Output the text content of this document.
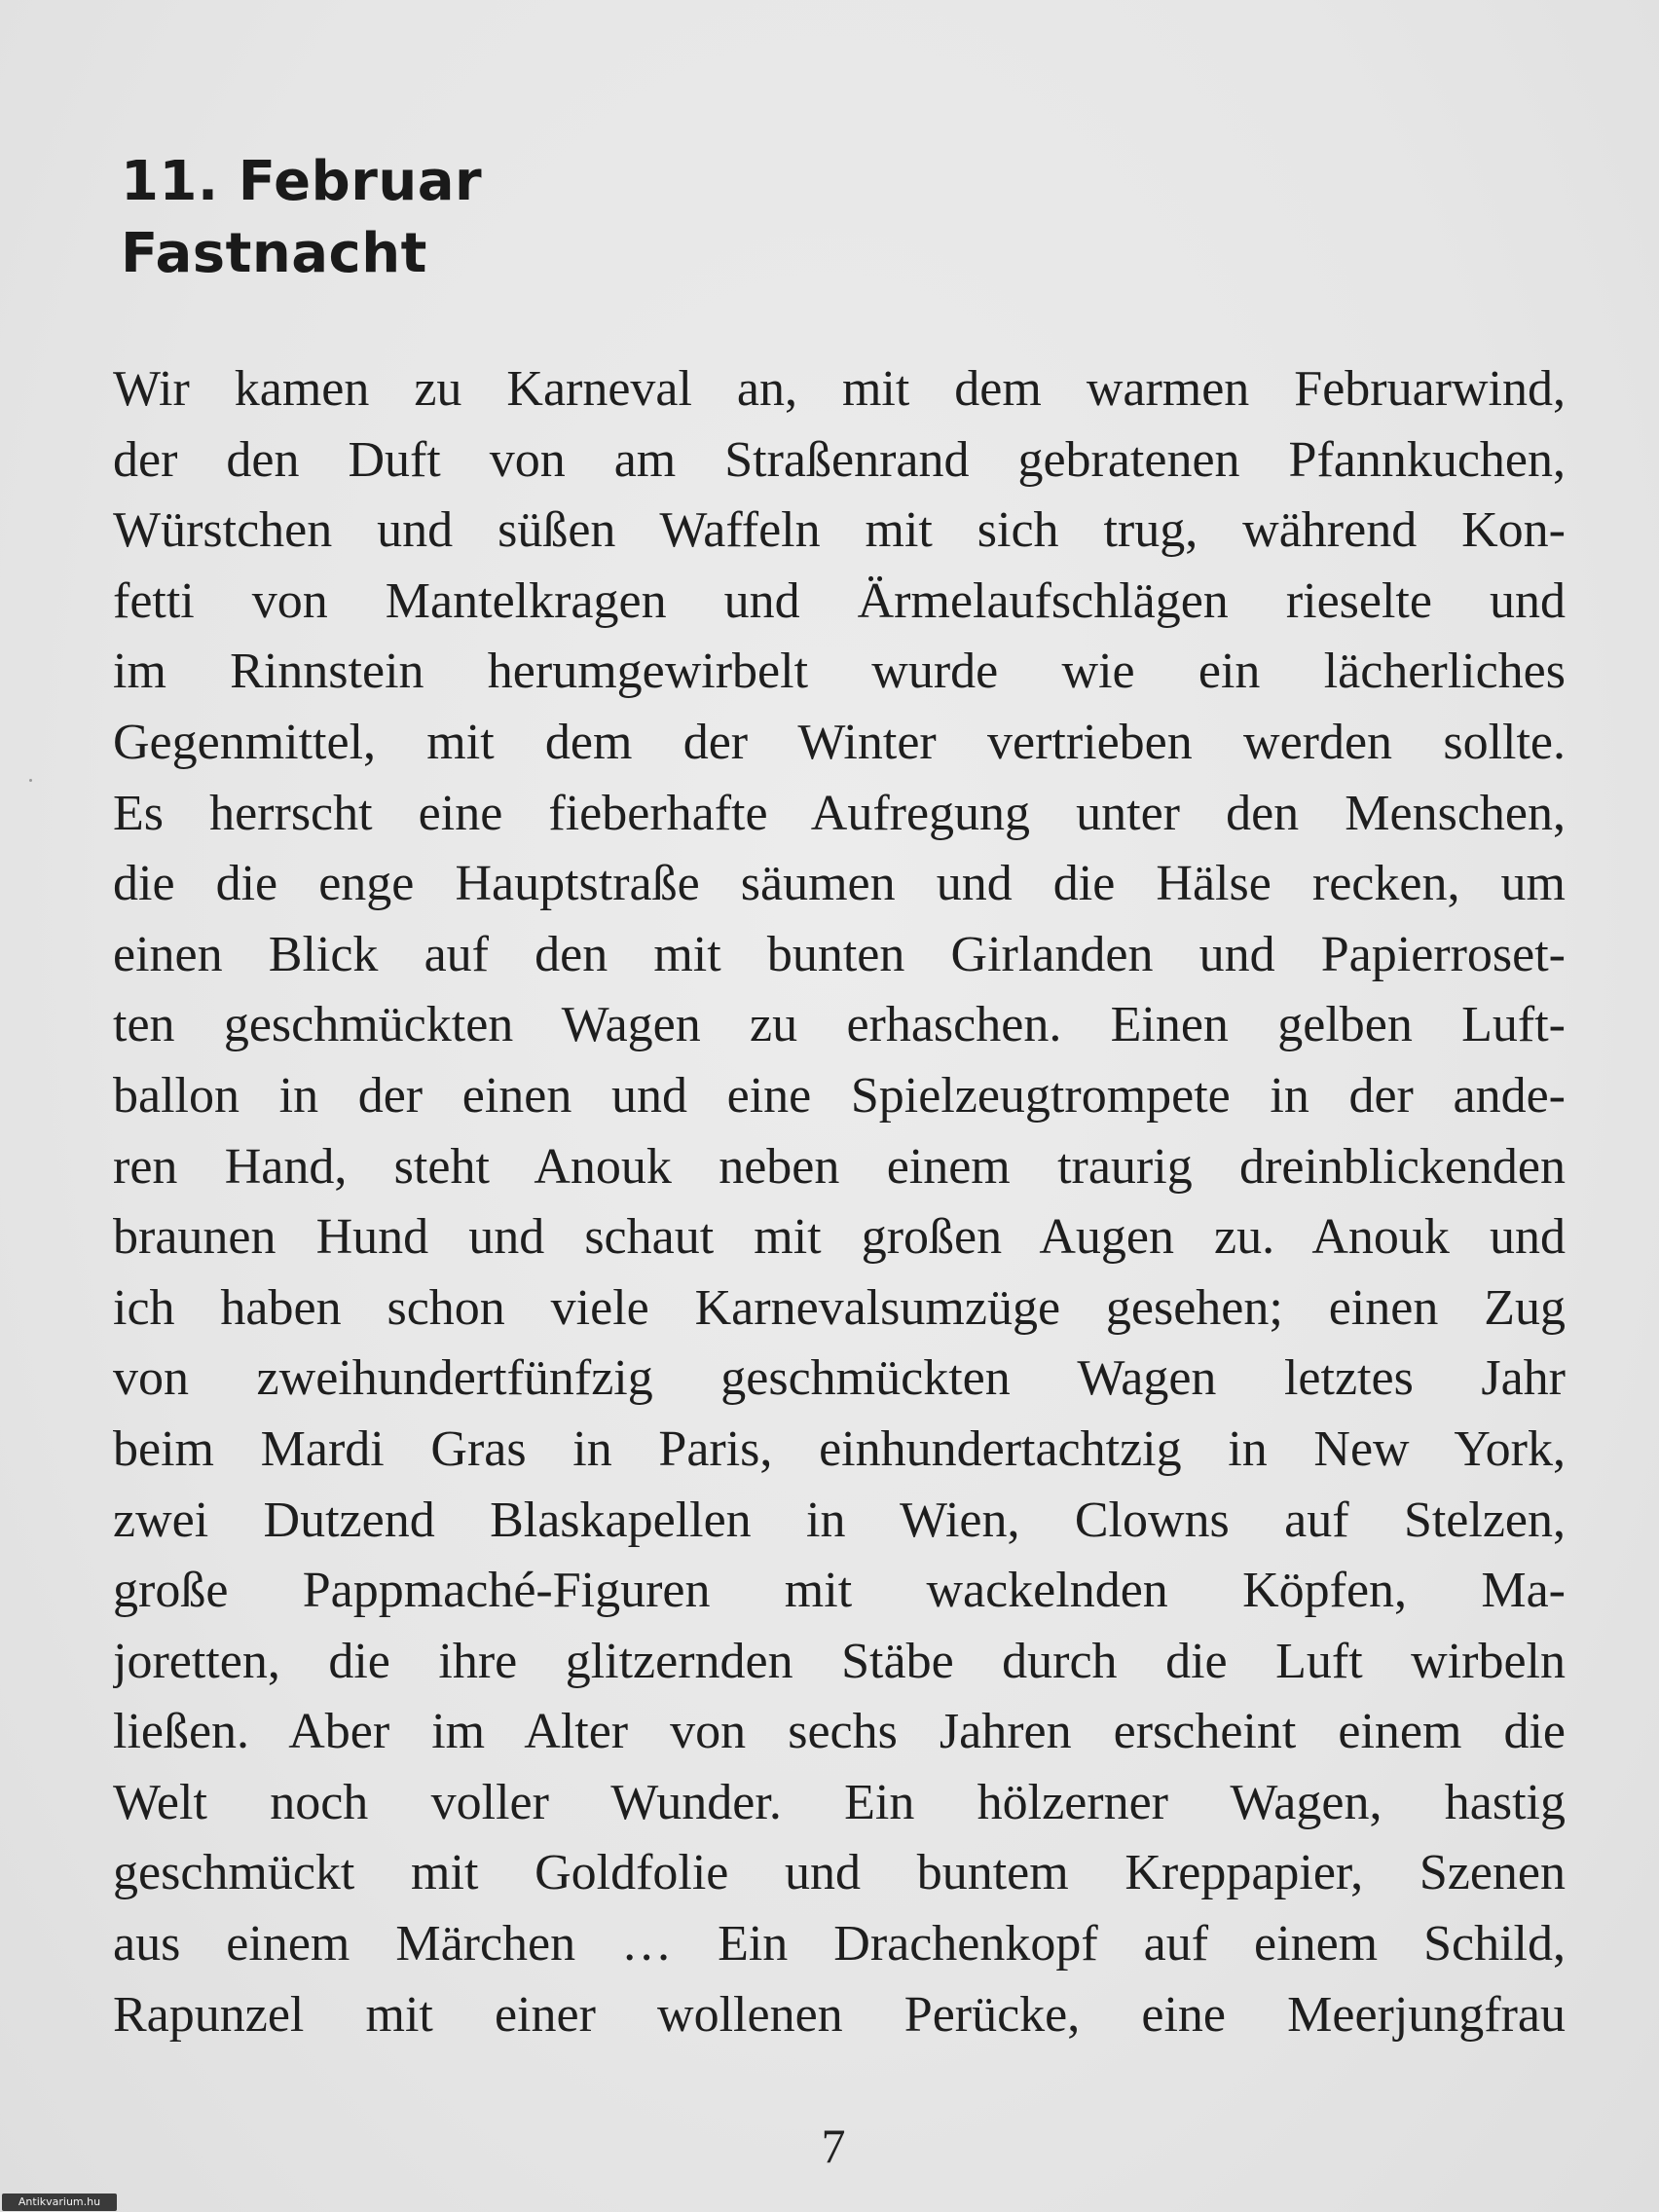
11. Februar
Fastnacht
Wir kamen zu Karneval an, mit dem warmen Februarwind,
der den Duft von am Straßenrand gebratenen Pfannkuchen,
Würstchen und süßen Waffeln mit sich trug, während Kon-
fetti von Mantelkragen und Ärmelaufschlägen rieselte und
im Rinnstein herumgewirbelt wurde wie ein lächerliches
Gegenmittel, mit dem der Winter vertrieben werden sollte.
Es herrscht eine fieberhafte Aufregung unter den Menschen,
die die enge Hauptstraße säumen und die Hälse recken, um
einen Blick auf den mit bunten Girlanden und Papierroset-
ten geschmückten Wagen zu erhaschen. Einen gelben Luft-
ballon in der einen und eine Spielzeugtrompete in der ande-
ren Hand, steht Anouk neben einem traurig dreinblickenden
braunen Hund und schaut mit großen Augen zu. Anouk und
ich haben schon viele Karnevalsumzüge gesehen; einen Zug
von zweihundertfünfzig geschmückten Wagen letztes Jahr
beim Mardi Gras in Paris, einhundertachtzig in New York,
zwei Dutzend Blaskapellen in Wien, Clowns auf Stelzen,
große Pappmaché-Figuren mit wackelnden Köpfen, Ma-
joretten, die ihre glitzernden Stäbe durch die Luft wirbeln
ließen. Aber im Alter von sechs Jahren erscheint einem die
Welt noch voller Wunder. Ein hölzerner Wagen, hastig
geschmückt mit Goldfolie und buntem Kreppapier, Szenen
aus einem Märchen … Ein Drachenkopf auf einem Schild,
Rapunzel mit einer wollenen Perücke, eine Meerjungfrau
7
Antikvarium.hu
